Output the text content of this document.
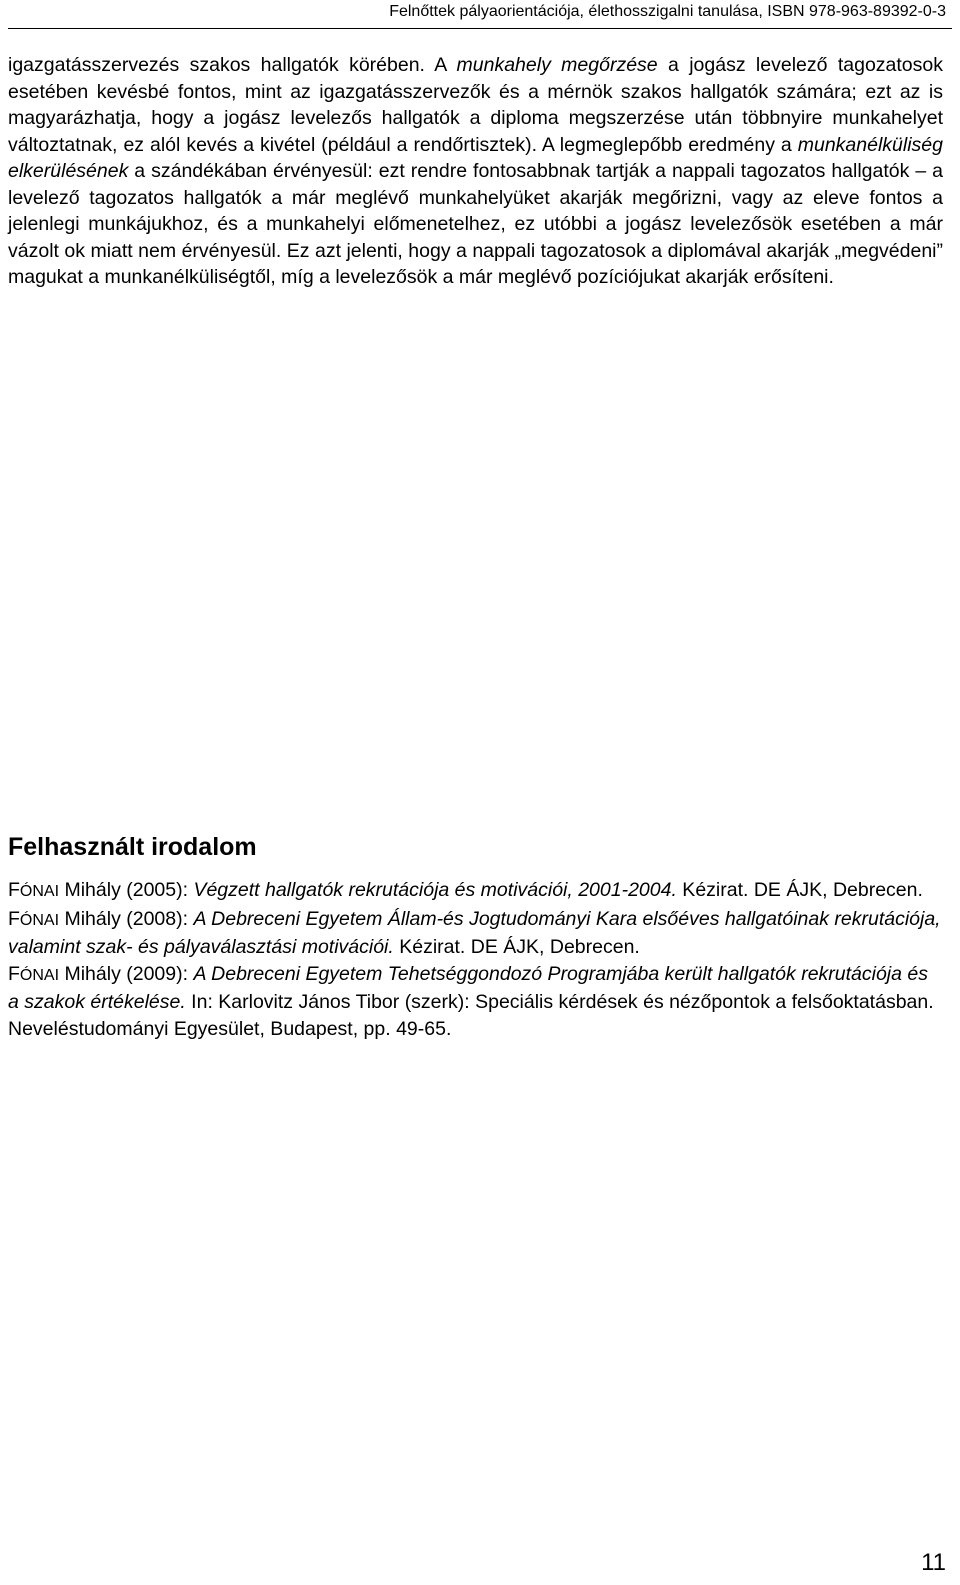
Felnőttek pályaorientációja, élethosszigalni tanulása, ISBN 978-963-89392-0-3
igazgatásszervezés szakos hallgatók körében. A munkahely megőrzése a jogász levelező tagozatosok esetében kevésbé fontos, mint az igazgatásszervezők és a mérnök szakos hallgatók számára; ezt az is magyarázhatja, hogy a jogász levelezős hallgatók a diploma megszerzése után többnyire munkahelyet változtatnak, ez alól kevés a kivétel (például a rendőrtisztek). A legmeglepőbb eredmény a munkanélküliség elkerülésének a szándékában érvényesül: ezt rendre fontosabbnak tartják a nappali tagozatos hallgatók – a levelező tagozatos hallgatók a már meglévő munkahelyüket akarják megőrizni, vagy az eleve fontos a jelenlegi munkájukhoz, és a munkahelyi előmenetelhez, ez utóbbi a jogász levelezősök esetében a már vázolt ok miatt nem érvényesül. Ez azt jelenti, hogy a nappali tagozatosok a diplomával akarják „megvédeni” magukat a munkanélküliségtől, míg a levelezősök a már meglévő pozíciójukat akarják erősíteni.
Felhasznált irodalom

FÓNAI Mihály (2005): Végzett hallgatók rekrutációja és motivációi, 2001-2004. Kézirat. DE ÁJK, Debrecen.

FÓNAI Mihály (2008): A Debreceni Egyetem Állam-és Jogtudományi Kara elsőéves hallgatóinak rekrutációja, valamint szak- és pályaválasztási motivációi. Kézirat. DE ÁJK, Debrecen.

FÓNAI Mihály (2009): A Debreceni Egyetem Tehetséggondozó Programjába került hallgatók rekrutációja és a szakok értékelése. In: Karlovitz János Tibor (szerk): Speciális kérdések és nézőpontok a felsőoktatásban. Neveléstudományi Egyesület, Budapest, pp. 49-65.

11
